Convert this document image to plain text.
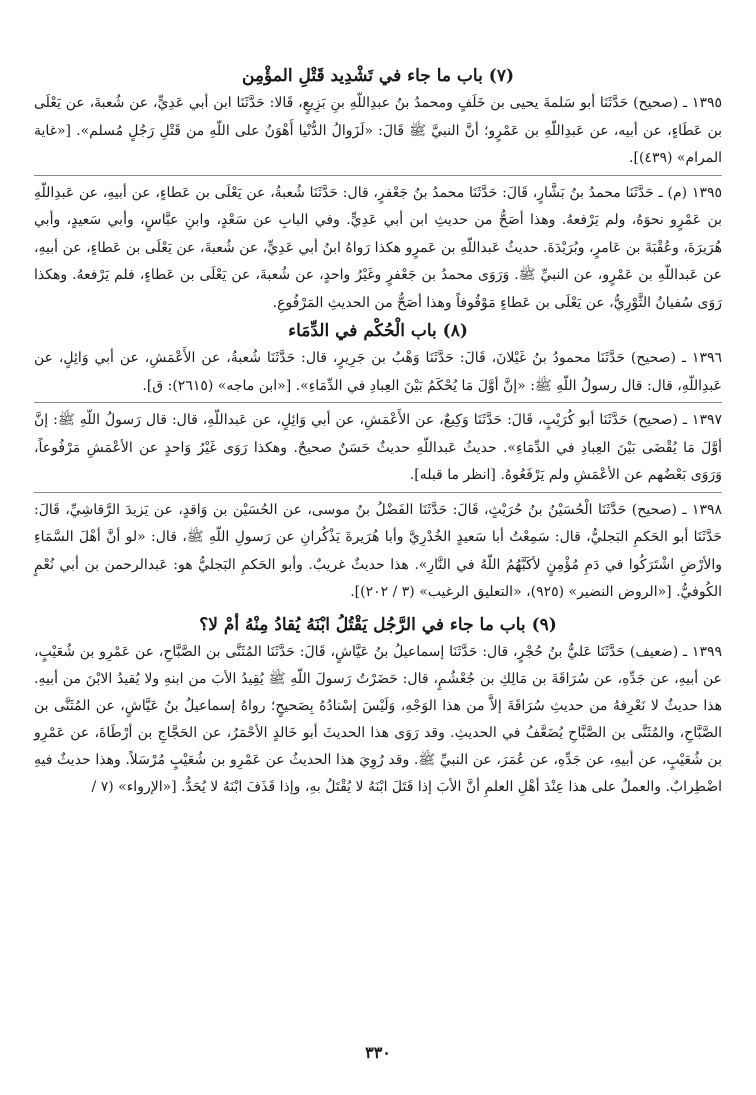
(٧) باب ما جاء في تَشْدِيد قَتْلِ المؤْمِن

١٣٩٥ ـ (صحيح) حَدَّثَنَا أبو سَلمةَ يحيى بن خَلَفٍ ومحمدُ بنُ عبدِاللّهِ بنِ بَزِيعٍ، قَالا: حَدَّثَنَا ابن أبي عَدِيٍّ، عن شُعبةَ، عن يَعْلَى بن عَطَاءٍ، عن أبيه، عن عَبدِاللّهِ بن عَمْرٍو؛ أنَّ النبيَّ ﷺ قَالَ: «لَزَوالُ الدُّنْيا أَهْوَنُ على اللّهِ من قَتْلِ رَجُلٍ مُسلم». [«غاية المرام» (٤٣٩)].

١٣٩٥ (م) ـ حَدَّثَنَا محمدُ بنُ بَشَّارٍ، قَالَ: حَدَّثَنَا محمدُ بنُ جَعْفرٍ، قال: حَدَّثَنَا شُعبةُ، عن يَعْلَى بن عَطاءٍ، عن أبيهِ، عن عَبدِاللّهِ بن عَمْرٍو نحوَهُ، ولم يَرْفعهُ. وهذا أصَحُّ من حديثِ ابن أبي عَدِيٍّ. وفي البابِ عن سَعْدٍ، وابنِ عبَّاسٍ، وأبي سَعيدٍ، وأبي هُرَيرَةَ، وعُقْبَةَ بن عَامرٍ، وبُرَيْدَةَ. حديثُ عَبداللّهِ بن عَمرٍو هكذا رَواهُ ابنُ أبي عَدِيٍّ، عن شُعبةَ، عن يَعْلَى بن عَطاءٍ، عن أبيهِ، عن عَبداللّهِ بن عَمْرٍو، عن النبيِّ ﷺ. وَرَوَى محمدُ بن جَعْفرٍ وغَيْرُ واحدٍ، عن شُعبةَ، عن يَعْلَى بن عَطاءٍ، فلم يَرْفعهُ. وهكذا رَوَى سُفيانُ الثَّوْرِيُّ، عن يَعْلَى بن عَطاءٍ مَوْقُوفاً وهذا أصَحُّ من الحديثِ المَرْفُوعِ.

(٨) باب الْحُكْم في الدِّمَاء

١٣٩٦ ـ (صحيح) حَدَّثَنَا محمودُ بنُ غَيْلانَ، قَالَ: حَدَّثَنَا وَهْبُ بن جَرِيرٍ، قال: حَدَّثَنَا شُعبةُ، عن الأَعْمَشِ، عن أبي وَائِلٍ، عن عَبدِاللّهِ، قال: قال رسولُ اللّهِ ﷺ: «إنَّ أوَّلَ مَا يُحْكَمُ بَيْنَ العِبادِ في الدِّمَاءِ». [«ابن ماجه» (٢٦١٥): ق].

١٣٩٧ ـ (صحيح) حَدَّثَنَا أبو كُرَيْبٍ، قَالَ: حَدَّثَنَا وَكِيعٌ، عن الأَعْمَشِ، عن أبي وَائِلٍ، عن عَبداللّهِ، قال: قال رَسولُ اللّهِ ﷺ: إنَّ أوَّلَ مَا يُقْضَى بَيْنَ العِبادِ في الدِّمَاءِ». حديثُ عَبداللّهِ حديثٌ حَسَنٌ صحيحٌ. وهكذا رَوَى غَيْرُ وَاحدٍ عن الأعْمَشِ مَرْفُوعاً، وَرَوَى بَعْضُهم عن الأعْمَشِ ولم يَرْفَعُوهُ. [انظر ما قبله].

١٣٩٨ ـ (صحيح) حَدَّثَنَا الْحُسَيْنُ بنُ حُرَيْثٍ، قَالَ: حَدَّثَنَا الفَضْلُ بنُ موسى، عن الحُسَيْن بن وَاقدٍ، عن يَزيدَ الرَّقاشِيِّ، قَالَ: حَدَّثَنَا أبو الحَكمِ البَجليُّ، قال: سَمِعْتُ أبا سَعيدٍ الخُدْرِيَّ وأبا هُرَيرةَ يَذْكُرانِ عن رَسولِ اللّهِ ﷺ، قال: «لو أنَّ أهْلَ السَّمَاءِ والأرْضِ اشْتَرَكُوا في دَمِ مُؤْمِنٍ لأكَبَّهُمُ اللّهُ في النَّارِ». هذا حديثٌ غريبٌ. وأبو الحَكمِ البَجليُّ هو: عَبدالرحمن بن أبي نُعْمٍ الكُوفيُّ. [«الروض النضير» (٩٢٥)، «التعليق الرغيب» (٣ / ٢٠٢)].

(٩) باب ما جاء في الرَّجُل يَقْتُلُ ابْنَهُ يُقادُ مِنْهُ أمْ لا؟

١٣٩٩ ـ (ضعيف) حَدَّثَنَا عَليُّ بنُ حُجْرٍ، قال: حَدَّثَنَا إسماعيلُ بنُ عَيَّاشٍ، قَالَ: حَدَّثَنَا المُثَنَّى بن الصَّبَّاحِ، عن عَمْرِو بن شُعَيْبٍ، عن أبيهِ، عن جَدِّهِ، عن سُرَاقَةَ بن مَالِكِ بن جُعْشُمٍ، قال: حَضَرْتُ رَسولَ اللّهِ ﷺ يُقِيدُ الأبَ من ابنهِ ولا يُقيدُ الابْنَ من أبيهِ. هذا حديثٌ لا نَعْرِفهُ من حديثِ سُرَاقَةَ إلاَّ من هذا الوَجْهِ، وَلَيْسَ إسْنادُهُ بِصَحيحٍ؛ رواهُ إسماعيلُ بنُ عَيَّاشٍ، عن المُثَنَّى بن الصَّبَّاحِ، والمُثَنَّى بن الصَّبَّاحِ يُضَعَّفُ في الحديثِ. وقد رَوَى هذا الحديثَ أبو خَالدٍ الأحْمَرُ، عن الحَجَّاجِ بن أرْطَاةَ، عن عَمْرِو بن شُعَيْبٍ، عن أبيهِ، عن جَدِّهِ، عن عُمَرَ، عن النبيِّ ﷺ. وقد رُوِيَ هذا الحديثُ عن عَمْرِو بن شُعَيْبٍ مُرْسَلاً. وهذا حديثٌ فيهِ اضْطِرابٌ. والعملُ على هذا عِنْدَ أهْلِ العلمِ أنَّ الأبَ إذا قَتَلَ ابْنَهُ لا يُقْتَلُ بهِ، وإذا قَذَفَ ابْنَهُ لا يُحَدُّ. [«الإرواء» (٧ /

٣٣٠
